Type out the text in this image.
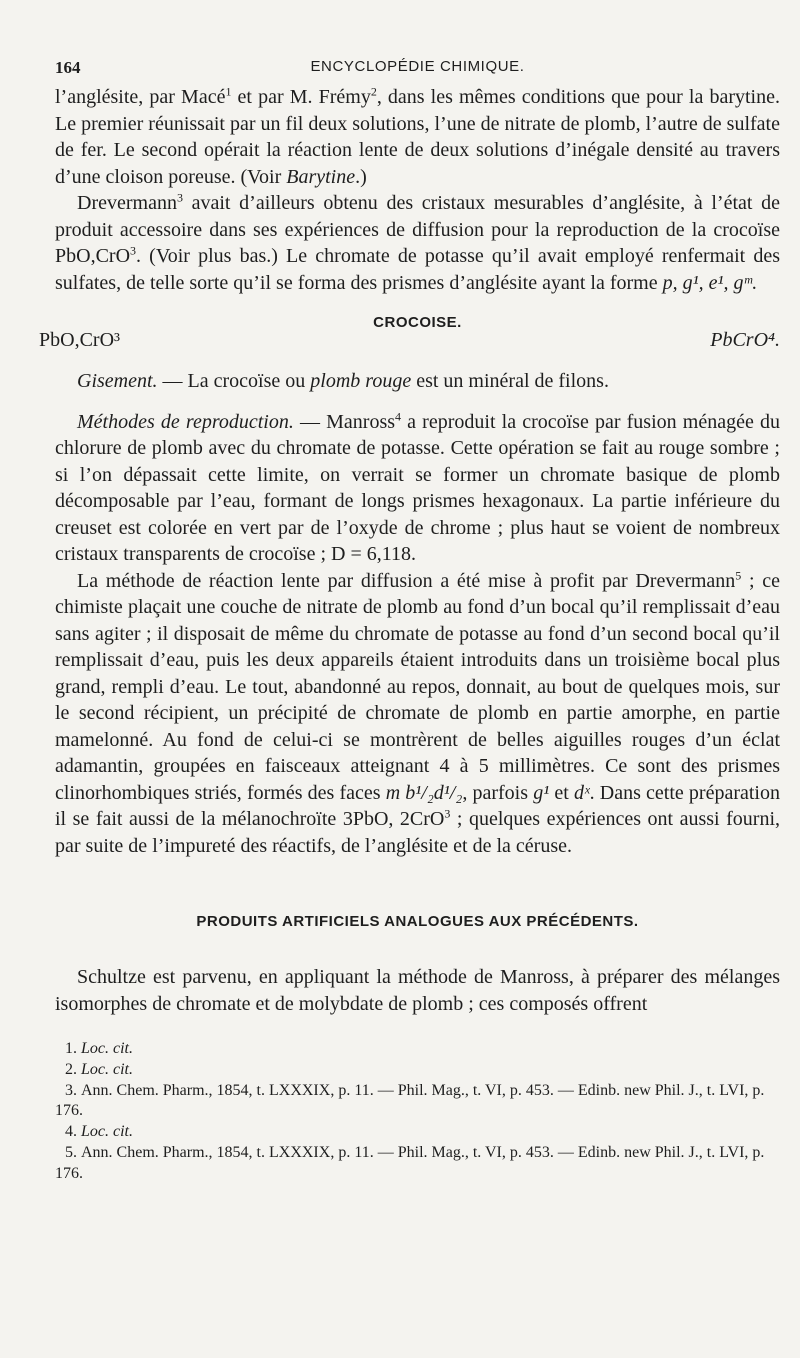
164	ENCYCLOPÉDIE CHIMIQUE.

l’anglésite, par Macé$^1$ et par M. Frémy$^2$, dans les mêmes conditions que pour la barytine. Le premier réunissait par un fil deux solutions, l’une de nitrate de plomb, l’autre de sulfate de fer. Le second opérait la réaction lente de deux solutions d’inégale densité au travers d’une cloison poreuse. (Voir Barytine.)

Drevermann$^3$ avait d’ailleurs obtenu des cristaux mesurables d’anglésite, à l’état de produit accessoire dans ses expériences de diffusion pour la reproduction de la crocoïse PbO,CrO$^3$. (Voir plus bas.) Le chromate de potasse qu’il avait employé renfermait des sulfates, de telle sorte qu’il se forma des prismes d’anglésite ayant la forme p, g¹, e¹, gᵐ.

CROCOISE.
PbO,CrO³	PbCrO⁴.

Gisement. — La crocoïse ou plomb rouge est un minéral de filons.

Méthodes de reproduction. — Manross$^4$ a reproduit la crocoïse par fusion ménagée du chlorure de plomb avec du chromate de potasse. Cette opération se fait au rouge sombre ; si l’on dépassait cette limite, on verrait se former un chromate basique de plomb décomposable par l’eau, formant de longs prismes hexagonaux. La partie inférieure du creuset est colorée en vert par de l’oxyde de chrome ; plus haut se voient de nombreux cristaux transparents de crocoïse ; D = 6,118.

La méthode de réaction lente par diffusion a été mise à profit par Drevermann$^5$ ; ce chimiste plaçait une couche de nitrate de plomb au fond d’un bocal qu’il remplissait d’eau sans agiter ; il disposait de même du chromate de potasse au fond d’un second bocal qu’il remplissait d’eau, puis les deux appareils étaient introduits dans un troisième bocal plus grand, rempli d’eau. Le tout, abandonné au repos, donnait, au bout de quelques mois, sur le second récipient, un précipité de chromate de plomb en partie amorphe, en partie mamelonné. Au fond de celui-ci se montrèrent de belles aiguilles rouges d’un éclat adamantin, groupées en faisceaux atteignant 4 à 5 millimètres. Ce sont des prismes clinorhombiques striés, formés des faces m b¹/₂d¹/₂, parfois g¹ et dˣ. Dans cette préparation il se fait aussi de la mélanochroïte 3PbO, 2CrO$^3$ ; quelques expériences ont aussi fourni, par suite de l’impureté des réactifs, de l’anglésite et de la céruse.

PRODUITS ARTIFICIELS ANALOGUES AUX PRÉCÉDENTS.

Schultze est parvenu, en appliquant la méthode de Manross, à préparer des mélanges isomorphes de chromate et de molybdate de plomb ; ces composés offrent

1. Loc. cit.
2. Loc. cit.
3. Ann. Chem. Pharm., 1854, t. LXXXIX, p. 11. — Phil. Mag., t. VI, p. 453. — Edinb. new Phil. J., t. LVI, p. 176.
4. Loc. cit.
5. Ann. Chem. Pharm., 1854, t. LXXXIX, p. 11. — Phil. Mag., t. VI, p. 453. — Edinb. new Phil. J., t. LVI, p. 176.
